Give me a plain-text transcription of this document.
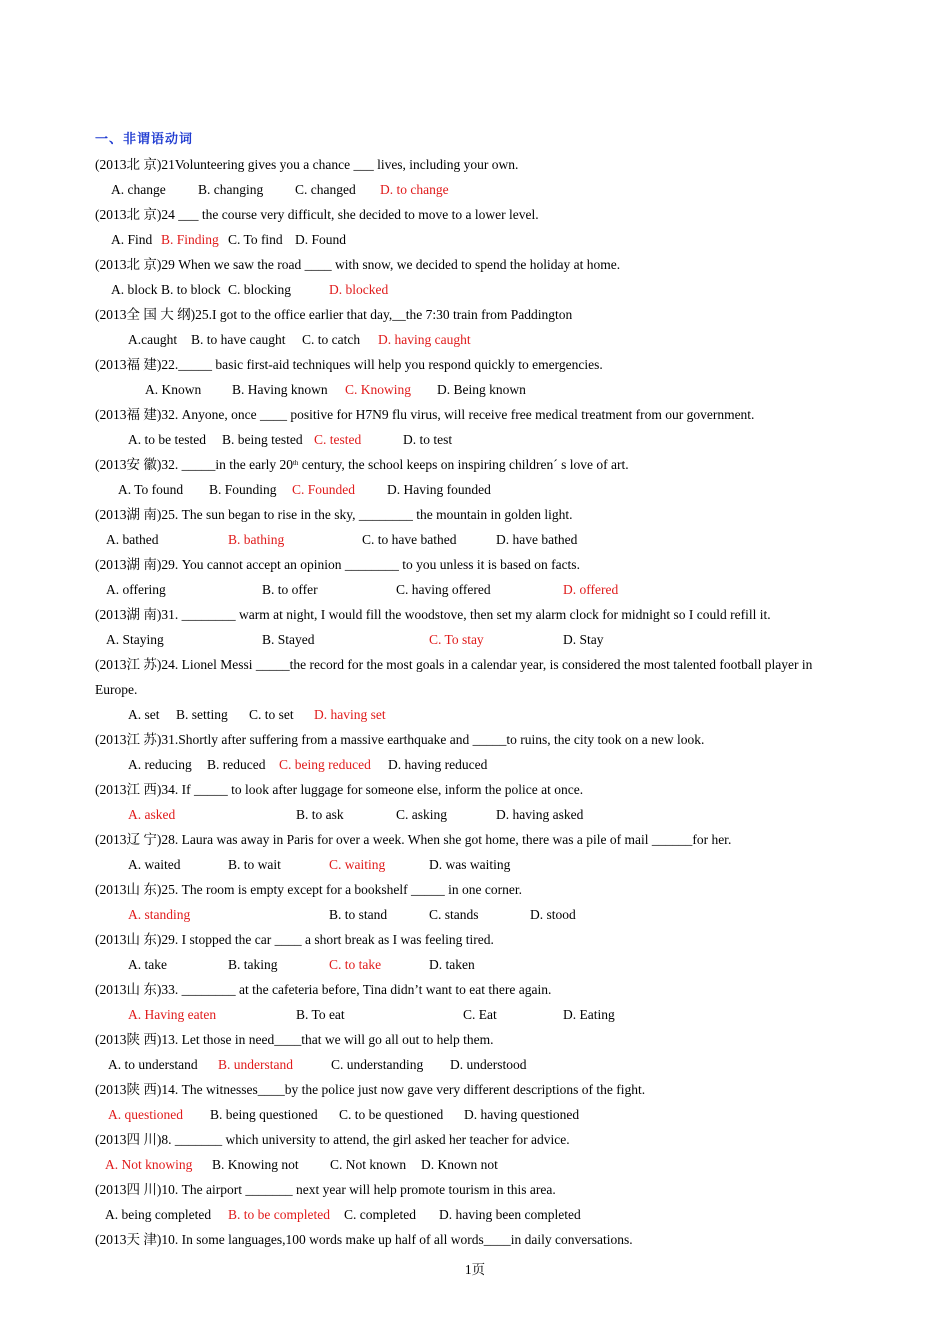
一、非谓语动词
(2013北 京)21Volunteering gives you a chance ___ lives, including your own.
A. change B. changing C. changed D. to change
(2013北 京)24 ___ the course very difficult, she decided to move to a lower level.
A. Find B. Finding C. To find D. Found
(2013北 京)29 When we saw the road ____ with snow, we decided to spend the holiday at home.
A. block B. to block C. blocking	D. blocked
(2013全 国 大 纲)25.I got to the office earlier that day,__the 7:30 train from Paddington
A.caught B. to have caught C. to catch D. having caught
(2013福 建)22._____ basic first-aid techniques will help you respond quickly to emergencies.
A. Known B. Having known C. Knowing D. Being known
(2013福 建)32. Anyone, once ____ positive for H7N9 flu virus, will receive free medical treatment from our government.
A. to be tested B. being tested C. tested	D. to test
(2013安 徽)32. _____in the early 20th century, the school keeps on inspiring childrenˊ s love of art.
A. To found B. Founding C. Founded D. Having founded
(2013湖 南)25. The sun began to rise in the sky, ________ the mountain in golden light.
A. bathed	B. bathing	C. to have bathed	D. have bathed
(2013湖 南)29. You cannot accept an opinion ________ to you unless it is based on facts.
A. offering	B. to offer	C. having offered	D. offered
(2013湖 南)31. ________ warm at night, I would fill the woodstove, then set my alarm clock for midnight so I could refill it.
A. Staying	B. Stayed	C. To stay	D. Stay
(2013江 苏)24. Lionel Messi _____the record for the most goals in a calendar year, is considered the most talented football player in
Europe.
A. set B. setting C. to set D. having set
(2013江 苏)31.Shortly after suffering from a massive earthquake and _____to ruins, the city took on a new look.
A. reducing B. reduced C. being reduced D. having reduced
(2013江 西)34. If _____ to look after luggage for someone else, inform the police at once.
A. asked	B. to ask	C. asking	D. having asked
(2013辽 宁)28. Laura was away in Paris for over a week. When she got home, there was a pile of mail ______for her.
A. waited	B. to wait	C. waiting	D. was waiting
(2013山 东)25. The room is empty except for a bookshelf _____ in one corner.
A. standing	B. to stand	C. stands	D. stood
(2013山 东)29. I stopped the car ____ a short break as I was feeling tired.
A. take	B. taking	C. to take	D. taken
(2013山 东)33. ________ at the cafeteria before, Tina didn’t want to eat there again.
A. Having eaten	B. To eat	C. Eat	D. Eating
(2013陕 西)13. Let those in need____that we will go all out to help them.
A. to understand B. understand	C. understanding D. understood
(2013陕 西)14. The witnesses____by the police just now gave very different descriptions of the fight.
A. questioned B. being questioned C. to be questioned D. having questioned
(2013四 川)8. _______ which university to attend, the girl asked her teacher for advice.
A. Not knowing B. Knowing not C. Not known D. Known not
(2013四 川)10. The airport _______ next year will help promote tourism in this area.
A. being completed B. to be completed C. completed D. having been completed
(2013天 津)10. In some languages,100 words make up half of all words____in daily conversations.
1页
